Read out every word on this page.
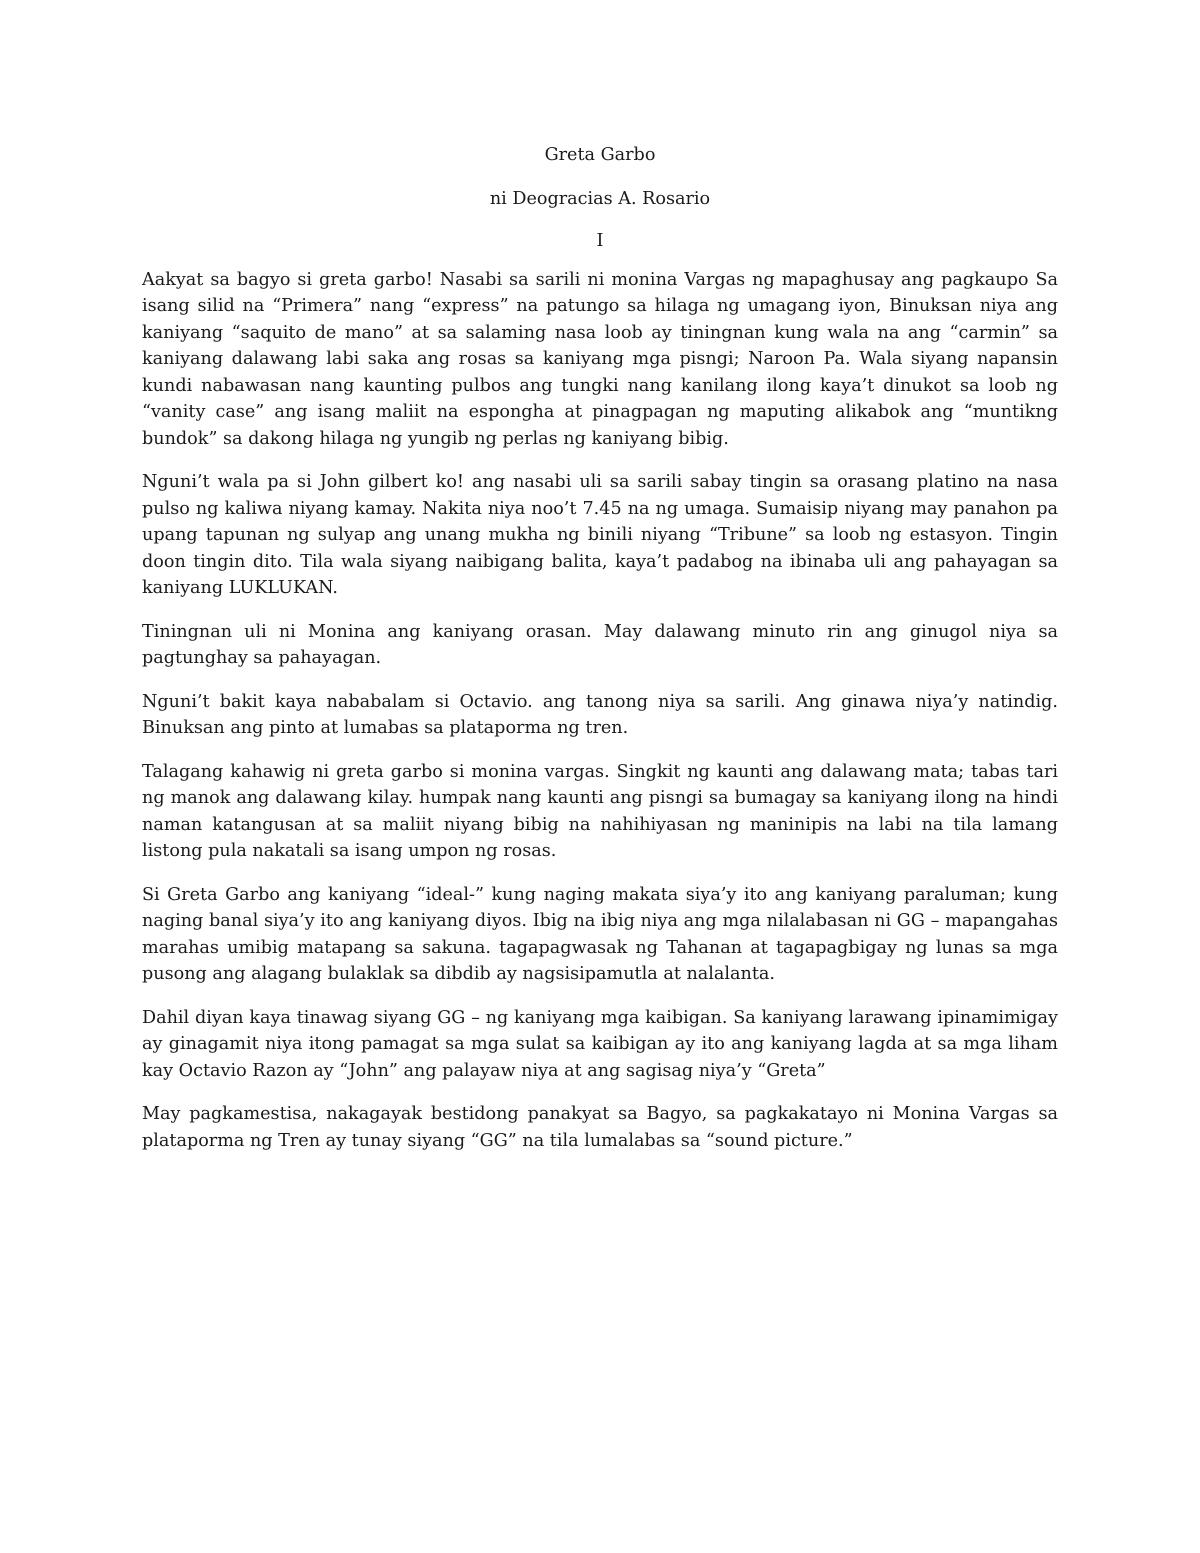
Greta Garbo

ni Deogracias A. Rosario

I

Aakyat sa bagyo si greta garbo! Nasabi sa sarili ni monina Vargas ng mapaghusay ang pagkaupo Sa isang silid na “Primera” nang “express” na patungo sa hilaga ng umagang iyon, Binuksan niya ang kaniyang “saquito de mano” at sa salaming nasa loob ay tiningnan kung wala na ang “carmin” sa kaniyang dalawang labi saka ang rosas sa kaniyang mga pisngi; Naroon Pa. Wala siyang napansin kundi nabawasan nang kaunting pulbos ang tungki nang kanilang ilong kaya’t dinukot sa loob ng “vanity case” ang isang maliit na espongha at pinagpagan ng maputing alikabok ang “muntikng bundok” sa dakong hilaga ng yungib ng perlas ng kaniyang bibig.

Nguni’t wala pa si John gilbert ko! ang nasabi uli sa sarili sabay tingin sa orasang platino na nasa pulso ng kaliwa niyang kamay. Nakita niya noo’t 7.45 na ng umaga. Sumaisip niyang may panahon pa upang tapunan ng sulyap ang unang mukha ng binili niyang “Tribune” sa loob ng estasyon. Tingin doon tingin dito. Tila wala siyang naibigang balita, kaya’t padabog na ibinaba uli ang pahayagan sa kaniyang LUKLUKAN.

Tiningnan uli ni Monina ang kaniyang orasan. May dalawang minuto rin ang ginugol niya sa pagtunghay sa pahayagan.

Nguni’t bakit kaya nababalam si Octavio. ang tanong niya sa sarili. Ang ginawa niya’y natindig. Binuksan ang pinto at lumabas sa plataporma ng tren.

Talagang kahawig ni greta garbo si monina vargas. Singkit ng kaunti ang dalawang mata; tabas tari ng manok ang dalawang kilay. humpak nang kaunti ang pisngi sa bumagay sa kaniyang ilong na hindi naman katangusan at sa maliit niyang bibig na nahihiyasan ng maninipis na labi na tila lamang listong pula nakatali sa isang umpon ng rosas.

Si Greta Garbo ang kaniyang “ideal-” kung naging makata siya’y ito ang kaniyang paraluman; kung naging banal siya’y ito ang kaniyang diyos. Ibig na ibig niya ang mga nilalabasan ni GG – mapangahas marahas umibig matapang sa sakuna. tagapagwasak ng Tahanan at tagapagbigay ng lunas sa mga pusong ang alagang bulaklak sa dibdib ay nagsisipamutla at nalalanta.

Dahil diyan kaya tinawag siyang GG – ng kaniyang mga kaibigan. Sa kaniyang larawang ipinamimigay ay ginagamit niya itong pamagat sa mga sulat sa kaibigan ay ito ang kaniyang lagda at sa mga liham kay Octavio Razon ay “John” ang palayaw niya at ang sagisag niya’y “Greta”

May pagkamestisa, nakagayak bestidong panakyat sa Bagyo, sa pagkakatayo ni Monina Vargas sa plataporma ng Tren ay tunay siyang “GG” na tila lumalabas sa “sound picture.”
